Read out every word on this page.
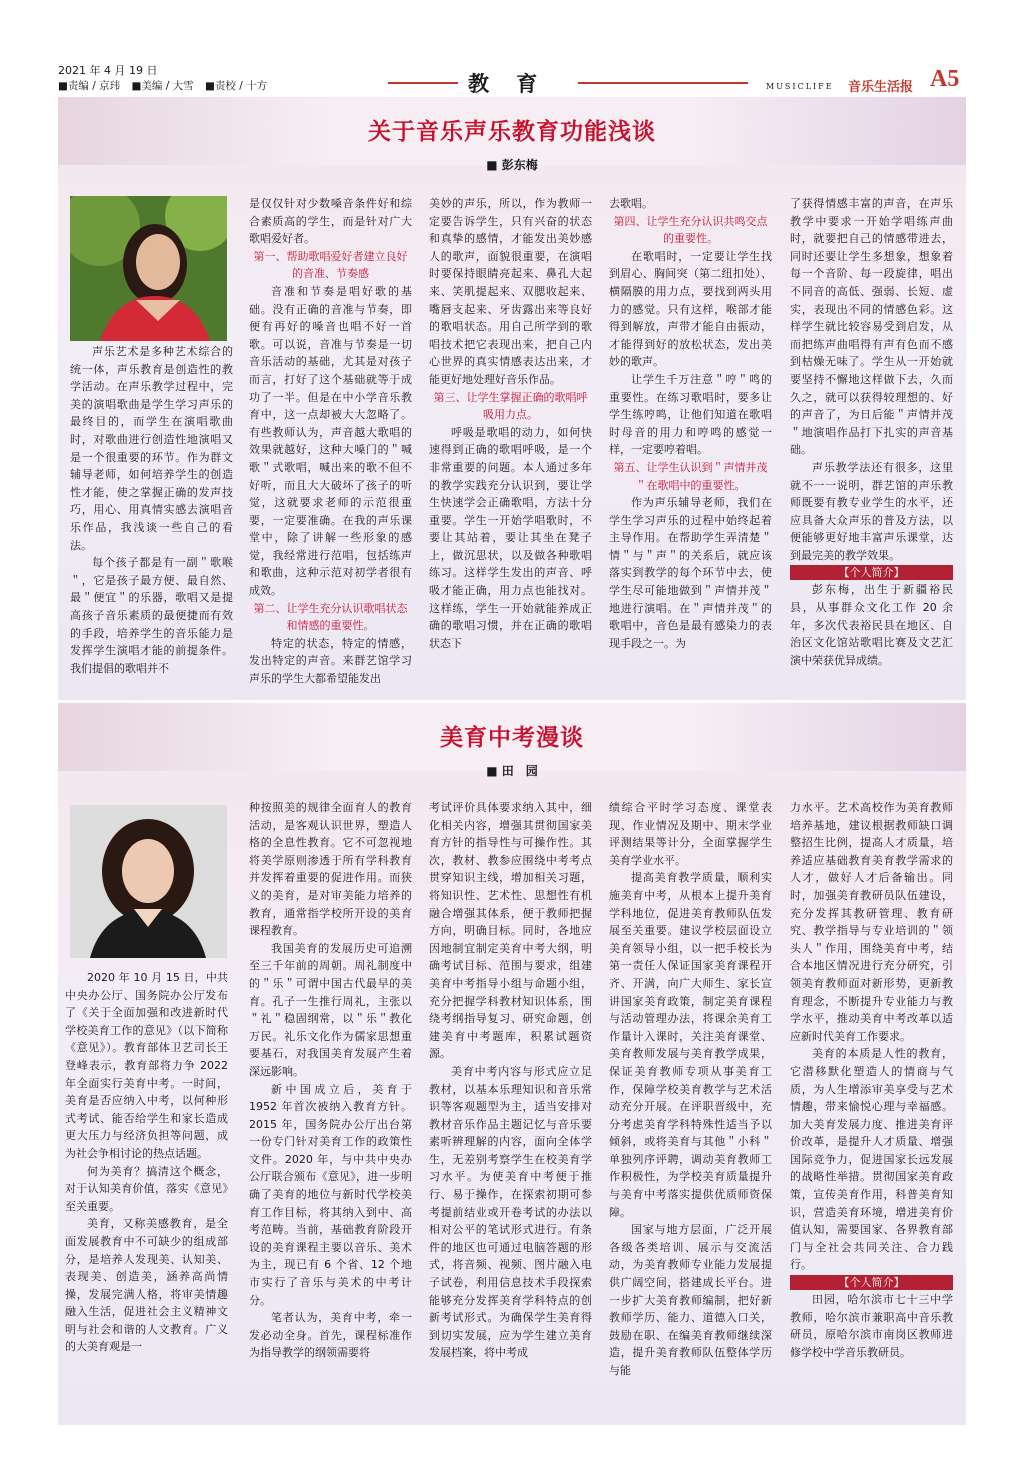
2021 年 4 月 19 日
■责编 / 京玮 ■美编 / 大雪 ■责校 / 十方	教 育	MUSICLIFE 音乐生活报 A5
关于音乐声乐教育功能浅谈
■ 彭东梅

声乐艺术是多种艺术综合的统一体，声乐教育是创造性的教学活动。在声乐教学过程中，完美的演唱歌曲是学生学习声乐的最终目的，而学生在演唱歌曲时，对歌曲进行创造性地演唱又是一个很重要的环节。作为群文辅导老师，如何培养学生的创造性才能，使之掌握正确的发声技巧，用心、用真情实感去演唱音乐作品，我浅谈一些自己的看法。

每个孩子都是有一副＂歌喉＂，它是孩子最方便、最自然、最＂便宜＂的乐器，歌唱又是提高孩子音乐素质的最便捷而有效的手段，培养学生的音乐能力是发挥学生演唱才能的前提条件。我们提倡的歌唱并不

是仅仅针对少数嗓音条件好和综合素质高的学生，而是针对广大歌唱爱好者。

第一、帮助歌唱爱好者建立良好的音准、节奏感

音准和节奏是唱好歌的基础。没有正确的音准与节奏，即便有再好的嗓音也唱不好一首歌。可以说，音准与节奏是一切音乐活动的基础，尤其是对孩子而言，打好了这个基础就等于成功了一半。但是在中小学音乐教育中，这一点却被大大忽略了。有些教师认为，声音越大歌唱的效果就越好，这种大嗓门的＂喊歌＂式歌唱，喊出来的歌不但不好听，而且大大破坏了孩子的听觉，这就要求老师的示范很重要，一定要准确。在我的声乐课堂中，除了讲解一些形象的感觉，我经常进行范唱，包括练声和歌曲，这种示范对初学者很有成效。

第二、让学生充分认识歌唱状态和情感的重要性。

特定的状态，特定的情感，发出特定的声音。来群艺馆学习声乐的学生大都希望能发出

美妙的声乐，所以，作为教师一定要告诉学生，只有兴奋的状态和真挚的感情，才能发出美妙感人的歌声，面貌很重要，在演唱时要保持眼睛亮起来、鼻孔大起来、笑肌提起来、双腮收起来、嘴唇支起来、牙齿露出来等良好的歌唱状态。用自己所学到的歌唱技术把它表现出来，把自己内心世界的真实情感表达出来，才能更好地处理好音乐作品。

第三、让学生掌握正确的歌唱呼吸用力点。

呼吸是歌唱的动力，如何快速得到正确的歌唱呼吸，是一个非常重要的问题。本人通过多年的教学实践充分认识到，要让学生快速学会正确歌唱，方法十分重要。学生一开始学唱歌时，不要让其站着，要让其坐在凳子上，做沉思状，以及做各种歌唱练习。这样学生发出的声音、呼吸才能正确，用力点也能找对。这样练，学生一开始就能养成正确的歌唱习惯，并在正确的歌唱状态下

去歌唱。

第四、让学生充分认识共鸣交点的重要性。

在歌唱时，一定要让学生找到眉心、胸间突（第二纽扣处）、横隔膜的用力点，要找到两头用力的感觉。只有这样，喉部才能得到解放，声带才能自由振动，才能得到好的放松状态，发出美妙的歌声。

让学生千万注意＂哼＂鸣的重要性。在练习歌唱时，要多让学生练哼鸣，让他们知道在歌唱时母音的用力和哼鸣的感觉一样，一定要哼着唱。

第五、让学生认识到＂声情并茂＂在歌唱中的重要性。

作为声乐辅导老师，我们在学生学习声乐的过程中始终起着主导作用。在帮助学生弄清楚＂情＂与＂声＂的关系后，就应该落实到教学的每个环节中去，使学生尽可能地做到＂声情并茂＂地进行演唱。在＂声情并茂＂的歌唱中，音色是最有感染力的表现手段之一。为

了获得情感丰富的声音，在声乐教学中要求一开始学唱练声曲时，就要把自己的情感带进去，同时还要让学生多想象，想象着每一个音阶、每一段旋律，唱出不同音的高低、强弱、长短、虚实，表现出不同的情感色彩。这样学生就比较容易受到启发，从而把练声曲唱得有声有色而不感到枯燥无味了。学生从一开始就要坚持不懈地这样做下去，久而久之，就可以获得较理想的、好的声音了，为日后能＂声情并茂＂地演唱作品打下扎实的声音基础。

声乐教学法还有很多，这里就不一一说明，群艺馆的声乐教师既要有教专业学生的水平，还应具备大众声乐的普及方法，以便能够更好地丰富声乐课堂，达到最完美的教学效果。

【个人简介】

彭东梅，出生于新疆裕民县，从事群众文化工作 20 余年，多次代表裕民县在地区、自治区文化馆站歌唱比赛及文艺汇演中荣获优异成绩。

美育中考漫谈
■ 田　园

2020 年 10 月 15 日，中共中央办公厅、国务院办公厅发布了《关于全面加强和改进新时代学校美育工作的意见》（以下简称《意见》）。教育部体卫艺司长王登峰表示，教育部将力争 2022 年全面实行美育中考。一时间，美育是否应纳入中考，以何种形式考试、能否给学生和家长造成更大压力与经济负担等问题，成为社会争相讨论的热点话题。

何为美育？搞清这个概念，对于认知美育价值，落实《意见》至关重要。

美育，又称美感教育，是全面发展教育中不可缺少的组成部分，是培养人发现美、认知美、表现美、创造美，涵养高尚情操，发展完满人格，将审美情趣融入生活，促进社会主义精神文明与社会和谐的人文教育。广义的大美育观是一

种按照美的规律全面育人的教育活动，是客观认识世界，塑造人格的全息性教育。它不可忽视地将美学原则渗透于所有学科教育并发挥着重要的促进作用。而狭义的美育，是对审美能力培养的教育，通常指学校所开设的美育课程教育。

我国美育的发展历史可追溯至三千年前的周朝。周礼制度中的＂乐＂可谓中国古代最早的美育。孔子一生推行周礼，主张以＂礼＂稳固纲常，以＂乐＂教化万民。礼乐文化作为儒家思想重要基石，对我国美育发展产生着深远影响。

新中国成立后，美育于 1952 年首次被纳入教育方针。2015 年，国务院办公厅出台第一份专门针对美育工作的政策性文件。2020 年，与中共中央办公厅联合颁布《意见》，进一步明确了美育的地位与新时代学校美育工作目标，将其纳入到中、高考范畴。当前，基础教育阶段开设的美育课程主要以音乐、美术为主，现已有 6 个省、12 个地市实行了音乐与美术的中考计分。

笔者认为，美育中考，牵一发必动全身。首先，课程标准作为指导教学的纲领需要将

考试评价具体要求纳入其中，细化相关内容，增强其贯彻国家美育方针的指导性与可操作性。其次，教材、教参应围绕中考考点贯穿知识主线，增加相关习题，将知识性、艺术性、思想性有机融合增强其体系，便于教师把握方向，明确目标。同时，各地应因地制宜制定美育中考大纲，明确考试目标、范围与要求，组建美育中考指导小组与命题小组，充分把握学科教材知识体系，围绕考纲指导复习、研究命题，创建美育中考题库，积累试题资源。

美育中考内容与形式应立足教材，以基本乐理知识和音乐常识等客观题型为主，适当安排对教材音乐作品主题记忆与音乐要素听辨理解的内容，面向全体学生，无差别考察学生在校美育学习水平。为使美育中考便于推行、易于操作，在探索初期可参考提前结业或开卷考试的办法以相对公平的笔试形式进行。有条件的地区也可通过电脑答题的形式，将音频、视频、图片融入电子试卷，利用信息技术手段探索能够充分发挥美育学科特点的创新考试形式。为确保学生美育得到切实发展，应为学生建立美育发展档案，将中考成

绩综合平时学习态度、课堂表现、作业情况及期中、期末学业评测结果等计分，全面掌握学生美育学业水平。

提高美育教学质量，顺利实施美育中考，从根本上提升美育学科地位，促进美育教师队伍发展至关重要。建议学校层面设立美育领导小组，以一把手校长为第一责任人保证国家美育课程开齐、开满，向广大师生、家长宣讲国家美育政策，制定美育课程与活动管理办法，将课余美育工作量计入课时，关注美育课堂、美育教师发展与美育教学成果，保证美育教师专项从事美育工作，保障学校美育教学与艺术活动充分开展。在评职晋级中，充分考虑美育学科特殊性适当予以倾斜，或将美育与其他＂小科＂单独列序评聘，调动美育教师工作积极性，为学校美育质量提升与美育中考落实提供优质师资保障。

国家与地方层面，广泛开展各级各类培训、展示与交流活动，为美育教师专业能力发展提供广阔空间，搭建成长平台。进一步扩大美育教师编制，把好新教师学历、能力、道德入口关，鼓励在职、在编美育教师继续深造，提升美育教师队伍整体学历与能

力水平。艺术高校作为美育教师培养基地，建议根据教师缺口调整招生比例，提高人才质量，培养适应基础教育美育教学需求的人才，做好人才后备输出。同时，加强美育教研员队伍建设，充分发挥其教研管理、教育研究、教学指导与专业培训的＂领头人＂作用，围绕美育中考，结合本地区情况进行充分研究，引领美育教师面对新形势，更新教育理念，不断提升专业能力与教学水平，推动美育中考改革以适应新时代美育工作要求。

美育的本质是人性的教育，它潜移默化塑造人的情商与气质，为人生增添审美享受与艺术情趣，带来愉悦心理与幸福感。加大美育发展力度、推进美育评价改革，是提升人才质量、增强国际竞争力，促进国家长远发展的战略性举措。贯彻国家美育政策，宣传美育作用，科普美育知识，营造美育环境，增进美育价值认知，需要国家、各界教育部门与全社会共同关注、合力践行。

【个人简介】

田园，哈尔滨市七十三中学教师，哈尔滨市兼职高中音乐教研员，原哈尔滨市南岗区教师进修学校中学音乐教研员。
